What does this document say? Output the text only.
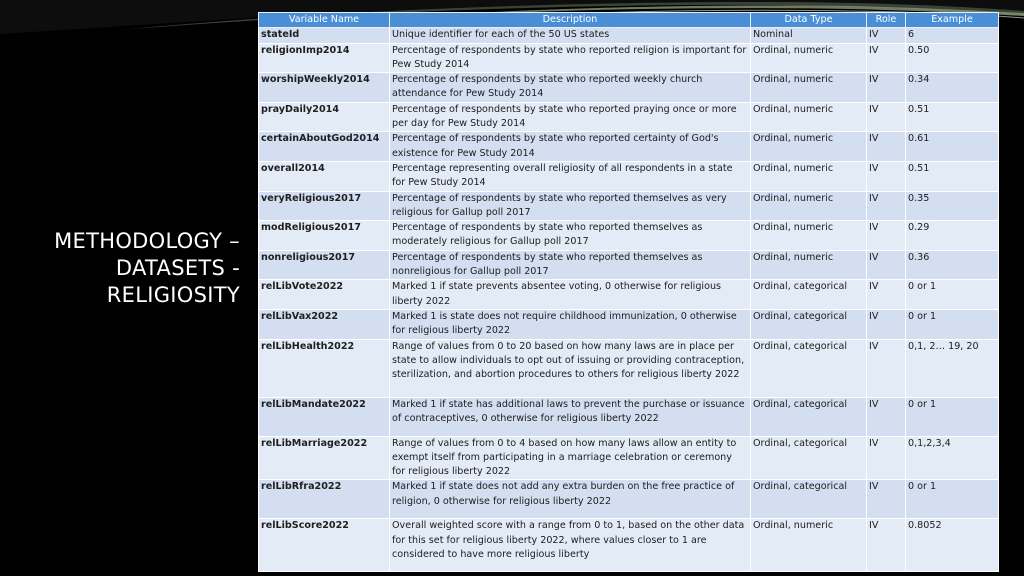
METHODOLOGY –
DATASETS -
RELIGIOSITY
Variable Name	Description	Data Type	Role	Example
stateId	Unique identifier for each of the 50 US states	Nominal	IV	6
religionImp2014	Percentage of respondents by state who reported religion is important for Pew Study 2014	Ordinal, numeric	IV	0.50
worshipWeekly2014	Percentage of respondents by state who reported weekly church attendance for Pew Study 2014	Ordinal, numeric	IV	0.34
prayDaily2014	Percentage of respondents by state who reported praying once or more per day for Pew Study 2014	Ordinal, numeric	IV	0.51
certainAboutGod2014	Percentage of respondents by state who reported certainty of God's existence for Pew Study 2014	Ordinal, numeric	IV	0.61
overall2014	Percentage representing overall religiosity of all respondents in a state for Pew Study 2014	Ordinal, numeric	IV	0.51
veryReligious2017	Percentage of respondents by state who reported themselves as very religious for Gallup poll 2017	Ordinal, numeric	IV	0.35
modReligious2017	Percentage of respondents by state who reported themselves as moderately religious for Gallup poll 2017	Ordinal, numeric	IV	0.29
nonreligious2017	Percentage of respondents by state who reported themselves as nonreligious for Gallup poll 2017	Ordinal, numeric	IV	0.36
relLibVote2022	Marked 1 if state prevents absentee voting, 0 otherwise for religious liberty 2022	Ordinal, categorical	IV	0 or 1
relLibVax2022	Marked 1 is state does not require childhood immunization, 0 otherwise for religious liberty 2022	Ordinal, categorical	IV	0 or 1
relLibHealth2022	Range of values from 0 to 20 based on how many laws are in place per state to allow individuals to opt out of issuing or providing contraception, sterilization, and abortion procedures to others for religious liberty 2022	Ordinal, categorical	IV	0,1, 2… 19, 20
relLibMandate2022	Marked 1 if state has additional laws to prevent the purchase or issuance of contraceptives, 0 otherwise for religious liberty 2022	Ordinal, categorical	IV	0 or 1
relLibMarriage2022	Range of values from 0 to 4 based on how many laws allow an entity to exempt itself from participating in a marriage celebration or ceremony for religious liberty 2022	Ordinal, categorical	IV	0,1,2,3,4
relLibRfra2022	Marked 1 if state does not add any extra burden on the free practice of religion, 0 otherwise for religious liberty 2022	Ordinal, categorical	IV	0 or 1
relLibScore2022	Overall weighted score with a range from 0 to 1, based on the other data for this set for religious liberty 2022, where values closer to 1 are considered to have more religious liberty	Ordinal, numeric	IV	0.8052
